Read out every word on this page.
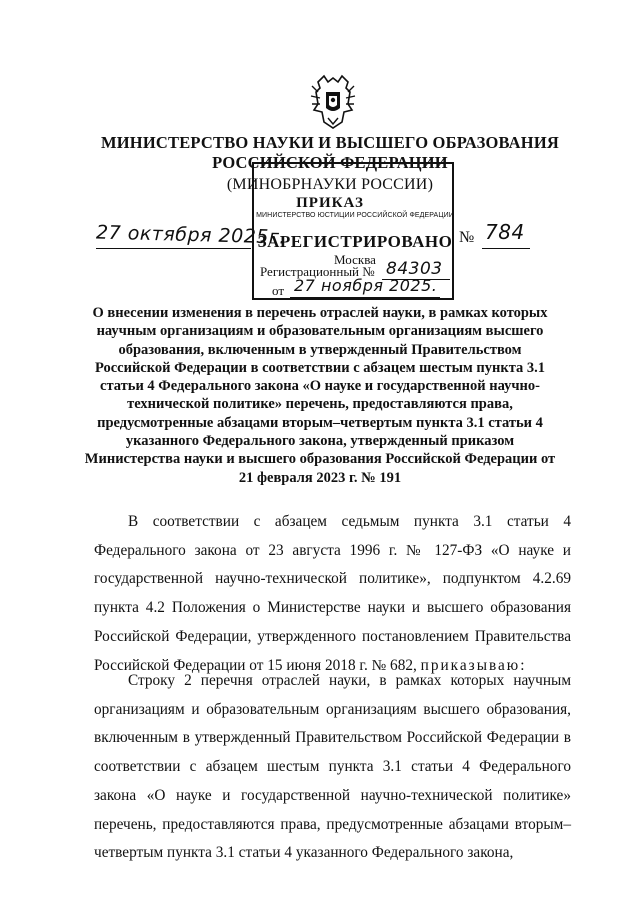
МИНИСТЕРСТВО НАУКИ И ВЫСШЕГО ОБРАЗОВАНИЯ
РОССИЙСКОЙ ФЕДЕРАЦИИ
(МИНОБРНАУКИ РОССИИ)
МИНИСТЕРСТВО ЮСТИЦИИ РОССИЙСКОЙ ФЕДЕРАЦИИ
ЗАРЕГИСТРИРОВАНО
Москва
Регистрационный № 84303
от 27 ноября 2025.
ПРИКАЗ
27 октября 2025г.	№ 784
О внесении изменения в перечень отраслей науки, в рамках которых научным организациям и образовательным организациям высшего образования, включенным в утвержденный Правительством Российской Федерации в соответствии с абзацем шестым пункта 3.1 статьи 4 Федерального закона «О науке и государственной научно-технической политике» перечень, предоставляются права, предусмотренные абзацами вторым–четвертым пункта 3.1 статьи 4 указанного Федерального закона, утвержденный приказом Министерства науки и высшего образования Российской Федерации от 21 февраля 2023 г. № 191
В соответствии с абзацем седьмым пункта 3.1 статьи 4 Федерального закона от 23 августа 1996 г. № 127-ФЗ «О науке и государственной научно-технической политике», подпунктом 4.2.69 пункта 4.2 Положения о Министерстве науки и высшего образования Российской Федерации, утвержденного постановлением Правительства Российской Федерации от 15 июня 2018 г. № 682, приказываю:
Строку 2 перечня отраслей науки, в рамках которых научным организациям и образовательным организациям высшего образования, включенным в утвержденный Правительством Российской Федерации в соответствии с абзацем шестым пункта 3.1 статьи 4 Федерального закона «О науке и государственной научно-технической политике» перечень, предоставляются права, предусмотренные абзацами вторым–четвертым пункта 3.1 статьи 4 указанного Федерального закона,
